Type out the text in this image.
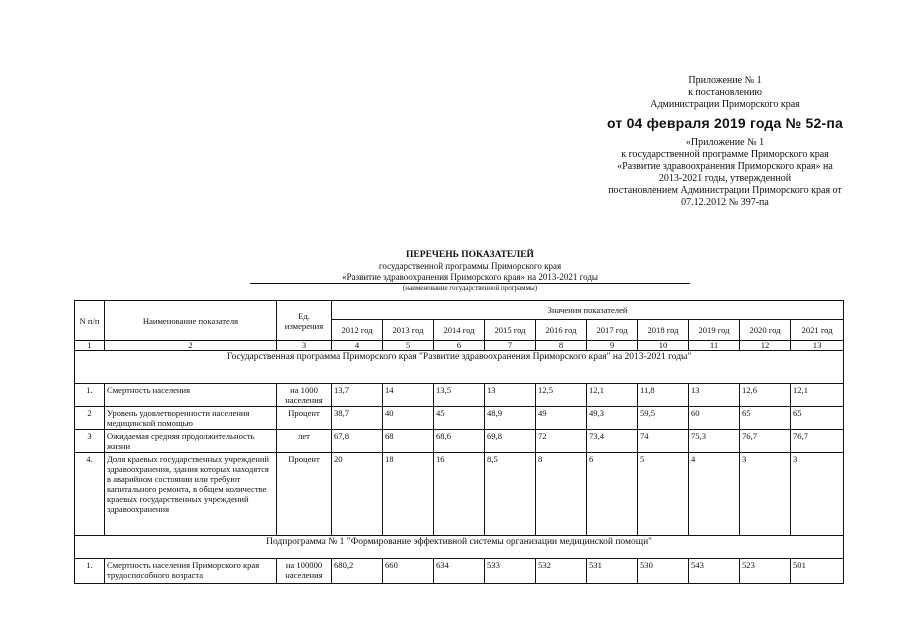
Приложение № 1
к постановлению
Администрации Приморского края
от 04 февраля 2019 года № 52-па
«Приложение № 1
к государственной программе Приморского края
«Развитие здравоохранения Приморского края» на
2013-2021 годы, утвержденной
постановлением Администрации Приморского края от
07.12.2012 № 397-па
ПЕРЕЧЕНЬ ПОКАЗАТЕЛЕЙ
государственной программы Приморского края
«Развитие здравоохранения Приморского края» на 2013-2021 годы
(наименование государственной программы)
N п/п	Наименование показателя	Ед. измерения	Значения показателей									
			2012 год	2013 год	2014 год	2015 год	2016 год	2017 год	2018 год	2019 год	2020 год	2021 год
1	2	3	4	5	6	7	8	9	10	11	12	13
Государственная программа Приморского края "Развитие здравоохранения Приморского края" на 2013-2021 годы"												
1.	Смертность населения	на 1000 населения	13,7	14	13,5	13	12,5	12,1	11,8	13	12,6	12,1
2	Уровень удовлетворенности населения медицинской помощью	Процент	38,7	40	45	48,9	49	49,3	59,5	60	65	65
3	Ожидаемая средняя продолжительность жизни	лет	67,8	68	68,6	69,8	72	73,4	74	75,3	76,7	76,7
4.	Доля краевых государственных учреждений здравоохранения, здания которых находятся в аварийном состоянии или требуют капитального ремонта, в общем количестве краевых государственных учреждений здравоохранения	Процент	20	18	16	8,5	8	6	5	4	3	3
Подпрограмма № 1 "Формирование эффективной системы организации медицинской помощи"												
1.	Смертность населения Приморского края трудоспособного возраста	на 100000 населения	680,2	660	634	533	532	531	530	543	523	501
